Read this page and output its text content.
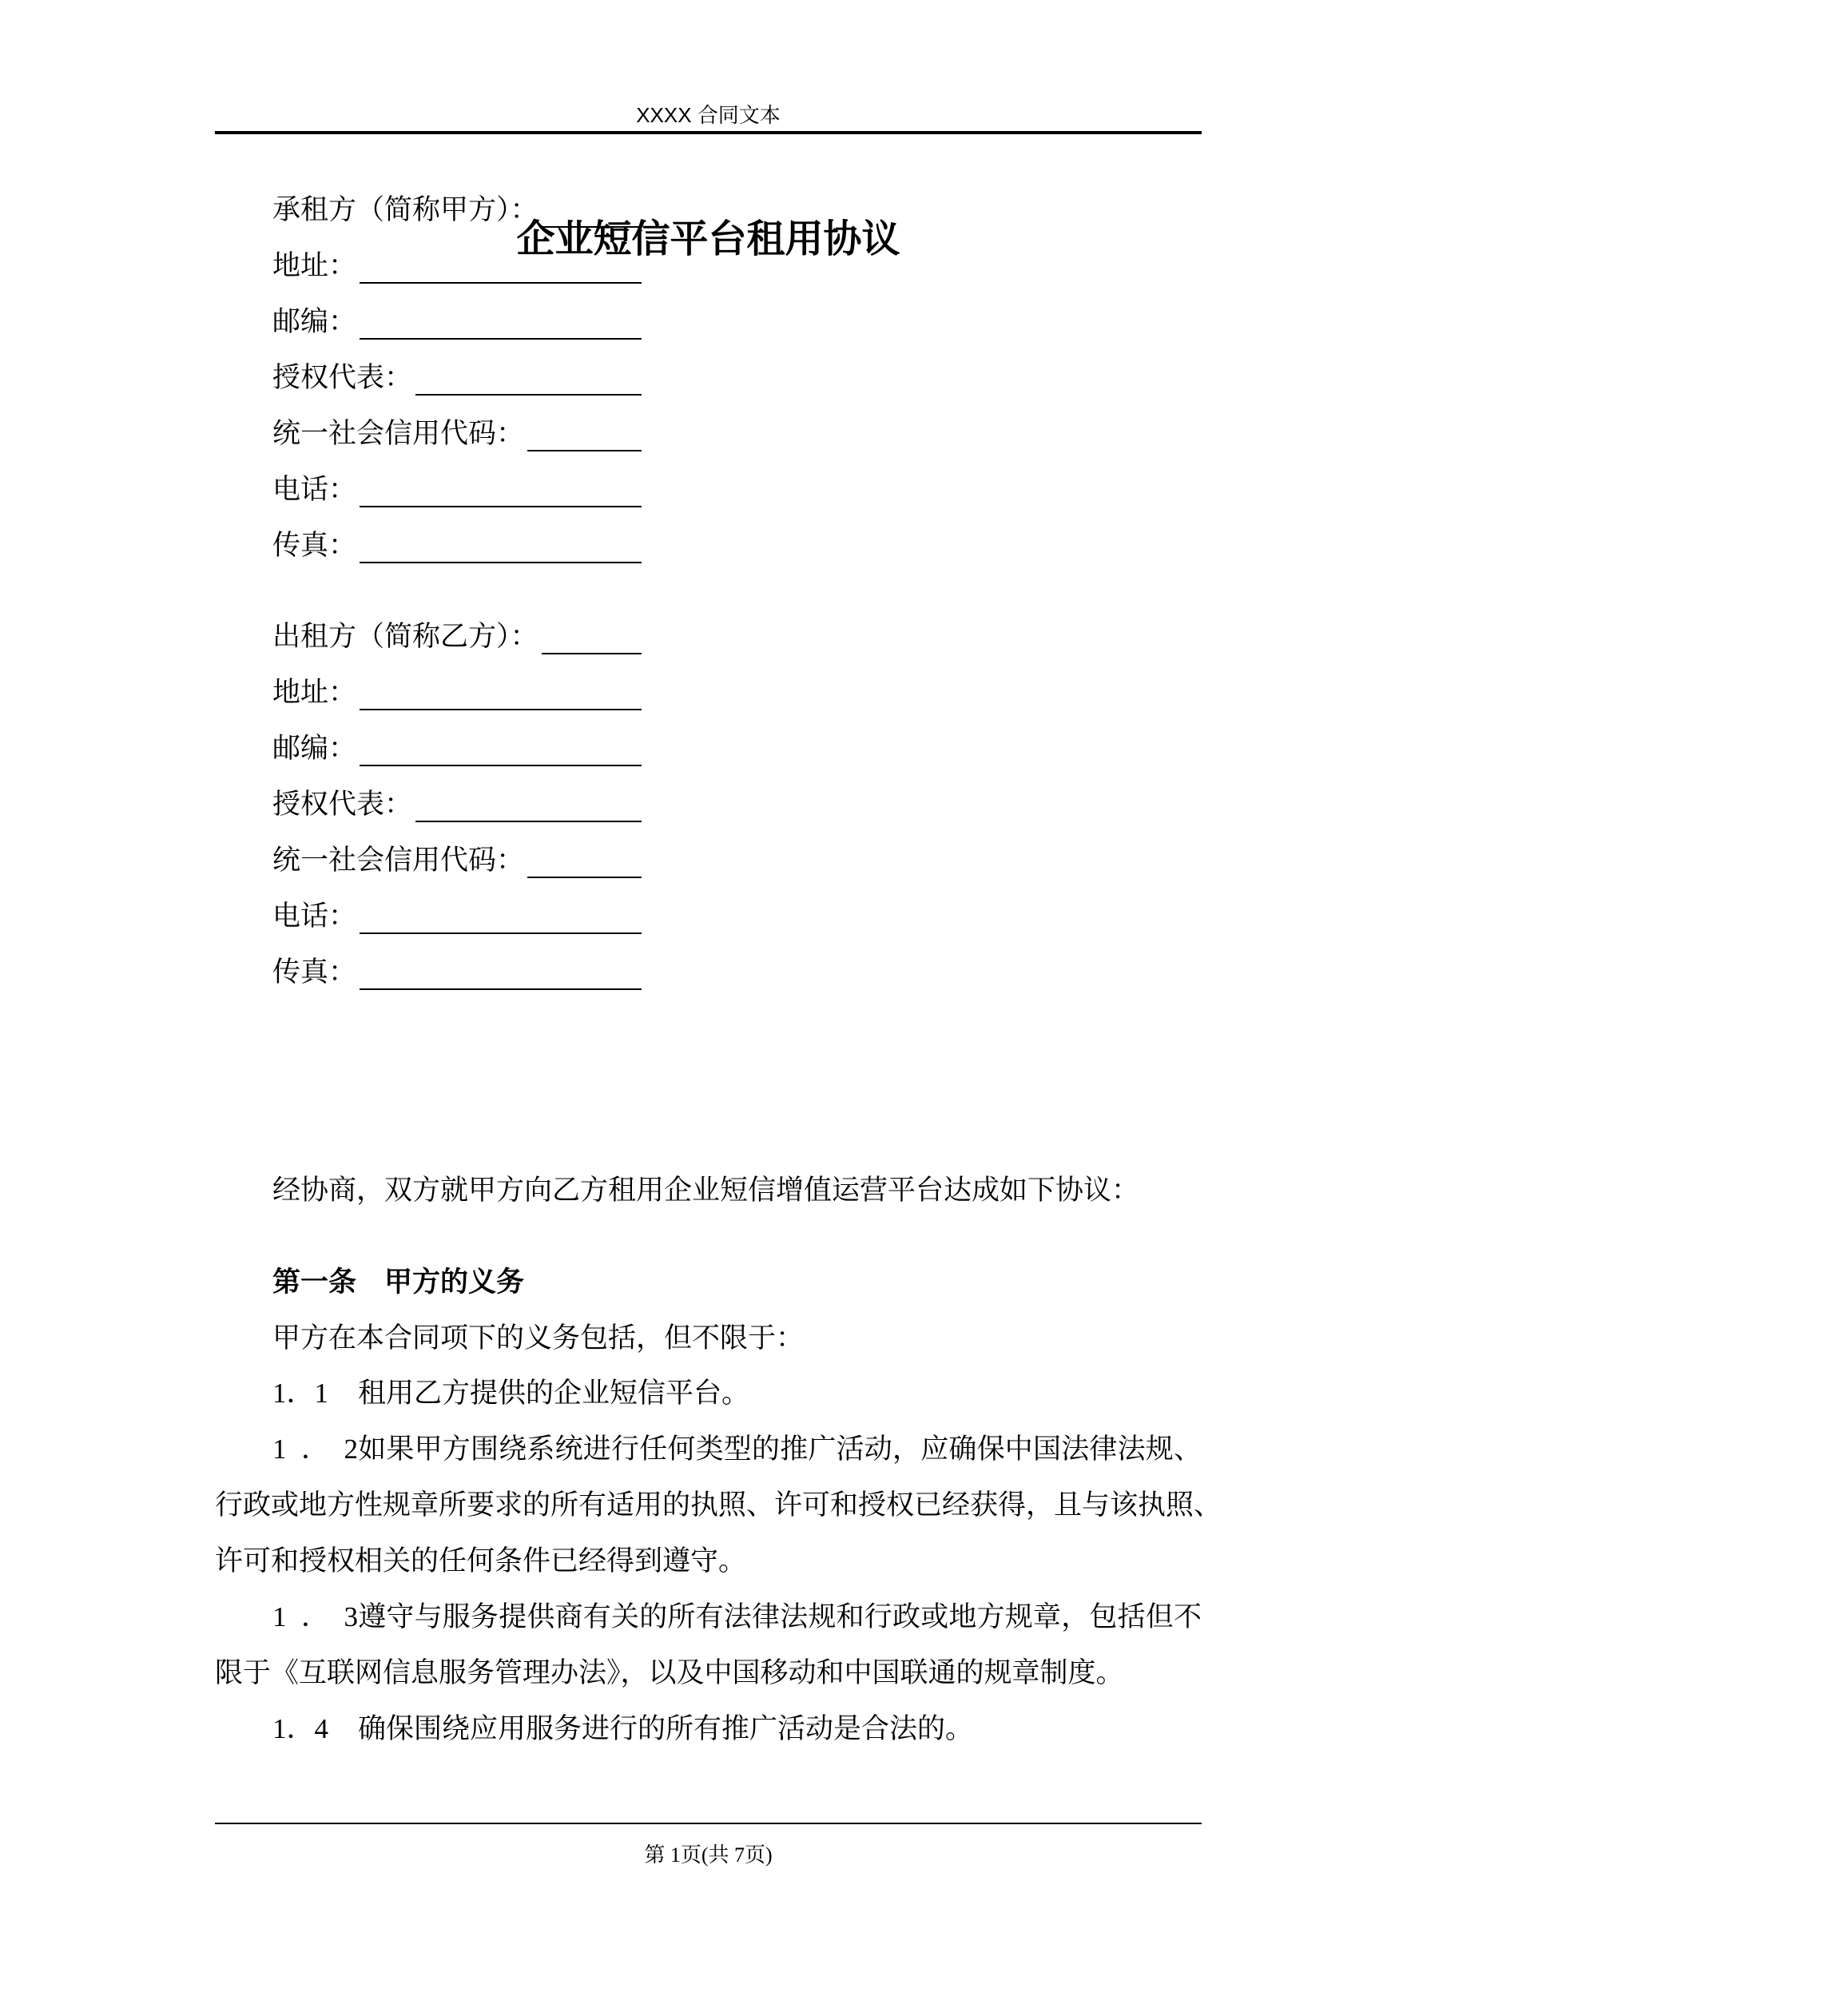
XXXX 合同文本
企业短信平台租用协议
承租方（简称甲方）：
地址：
邮编：
授权代表：
统一社会信用代码：
电话：
传真：
出租方（简称乙方）：
地址：
邮编：
授权代表：
统一社会信用代码：
电话：
传真：
经协商，双方就甲方向乙方租用企业短信增值运营平台达成如下协议：
第一条　甲方的义务
甲方在本合同项下的义务包括，但不限于：
1．1 租用乙方提供的企业短信平台。
1．2如果甲方围绕系统进行任何类型的推广活动，应确保中国法律法规、
行政或地方性规章所要求的所有适用的执照、许可和授权已经获得，且与该执照、
许可和授权相关的任何条件已经得到遵守。
1．3遵守与服务提供商有关的所有法律法规和行政或地方规章，包括但不
限于《互联网信息服务管理办法》，以及中国移动和中国联通的规章制度。
1．4 确保围绕应用服务进行的所有推广活动是合法的。
第 1页(共 7页)
